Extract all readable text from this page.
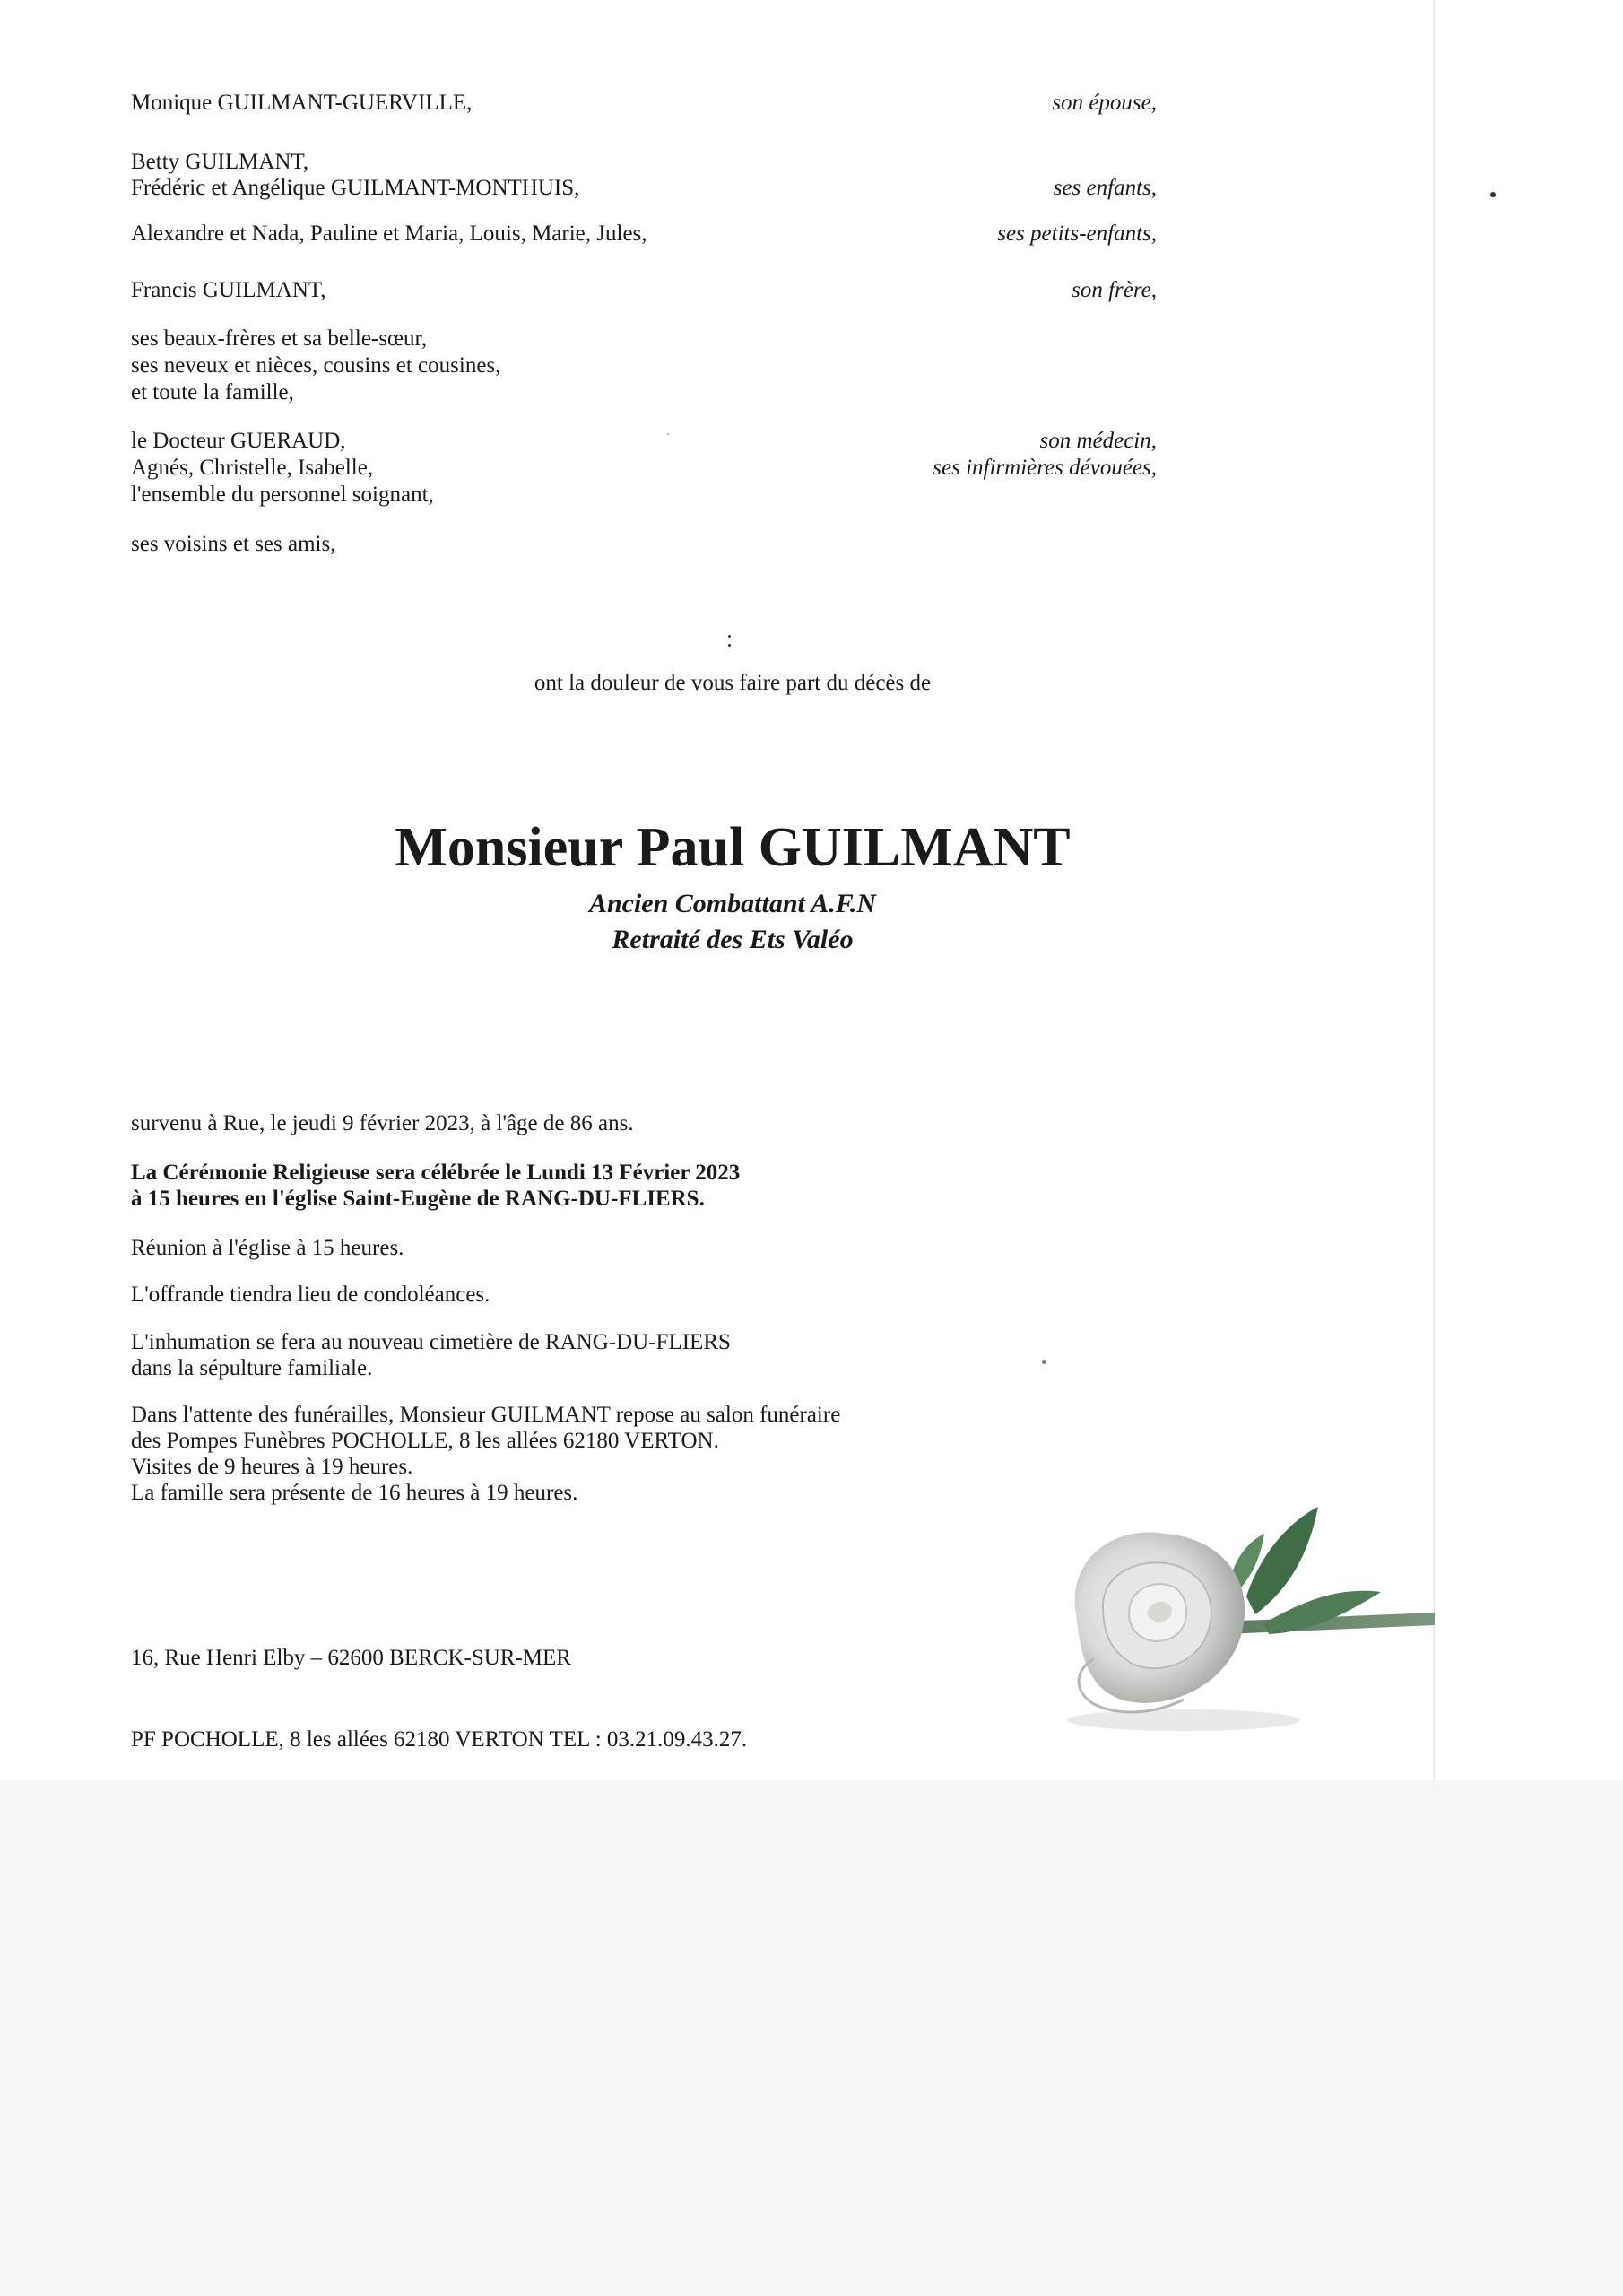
Monique GUILMANT-GUERVILLE,	son épouse,
Betty GUILMANT,
Frédéric et Angélique GUILMANT-MONTHUIS,	ses enfants,
Alexandre et Nada, Pauline et Maria, Louis, Marie, Jules,	ses petits-enfants,
Francis GUILMANT,	son frère,
ses beaux-frères et sa belle-sœur,
ses neveux et nièces, cousins et cousines,
et toute la famille,
le Docteur GUERAUD,	son médecin,
Agnés, Christelle, Isabelle,	ses infirmières dévouées,
l'ensemble du personnel soignant,
ses voisins et ses amis,
ont la douleur de vous faire part du décès de
Monsieur Paul GUILMANT
Ancien Combattant A.F.N
Retraité des Ets Valéo
survenu à Rue, le jeudi 9 février 2023, à l'âge de 86 ans.
La Cérémonie Religieuse sera célébrée le Lundi 13 Février 2023
à 15 heures en l'église Saint-Eugène de RANG-DU-FLIERS.
Réunion à l'église à 15 heures.
L'offrande tiendra lieu de condoléances.
L'inhumation se fera au nouveau cimetière de RANG-DU-FLIERS
dans la sépulture familiale.
Dans l'attente des funérailles, Monsieur GUILMANT repose au salon funéraire
des Pompes Funèbres POCHOLLE, 8 les allées 62180 VERTON.
Visites de 9 heures à 19 heures.
La famille sera présente de 16 heures à 19 heures.
16, Rue Henri Elby – 62600 BERCK-SUR-MER
PF POCHOLLE, 8 les allées 62180 VERTON TEL : 03.21.09.43.27.
